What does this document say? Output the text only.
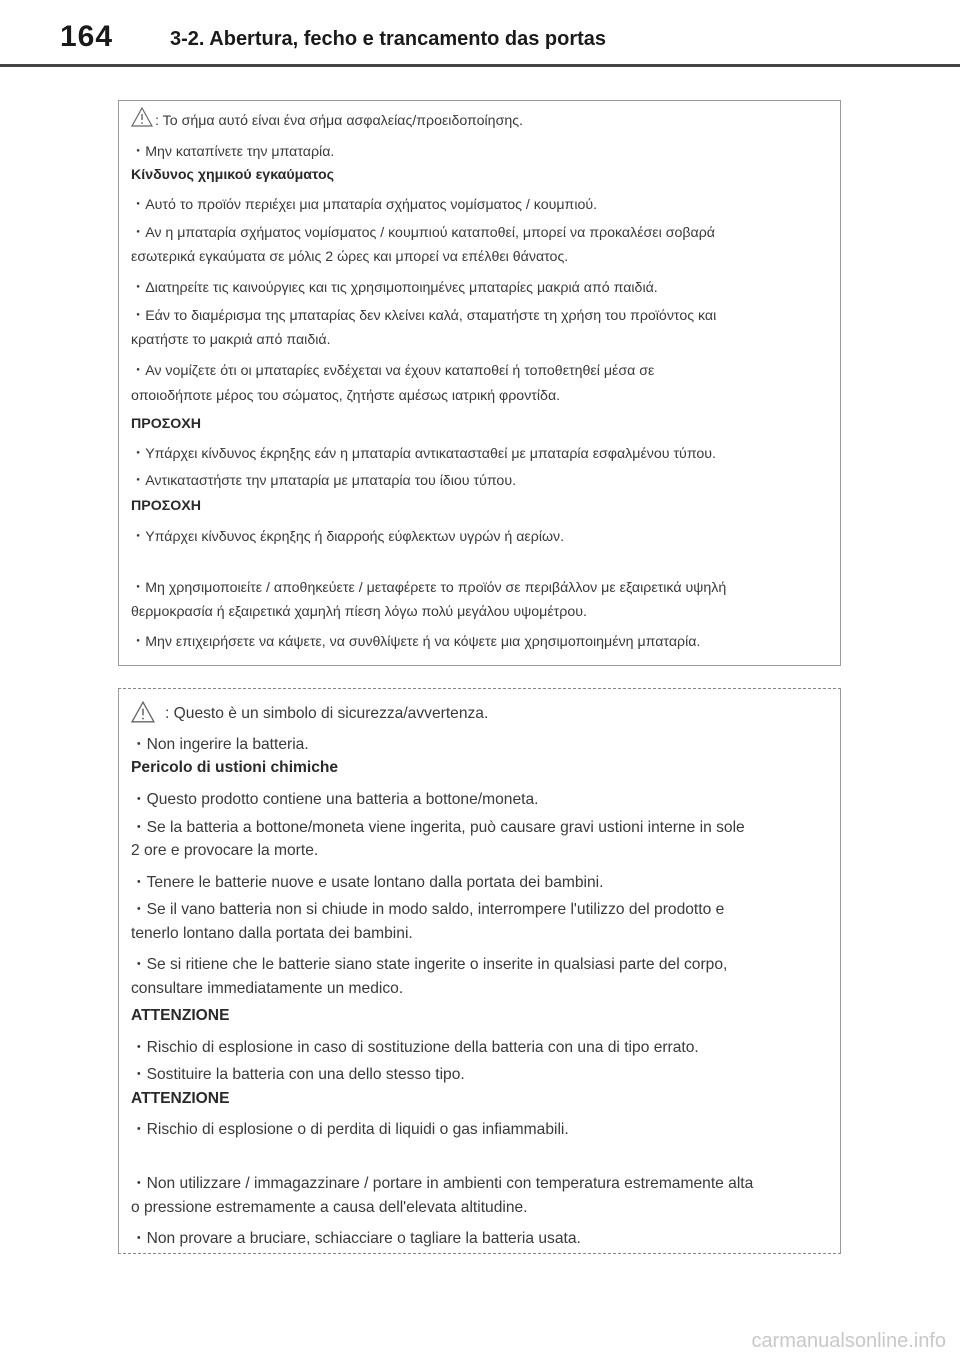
164	3-2. Abertura, fecho e trancamento das portas
: Το σήμα αυτό είναι ένα σήμα ασφαλείας/προειδοποίησης.
・Μην καταπίνετε την μπαταρία.
Κίνδυνος χημικού εγκαύματος
・Αυτό το προϊόν περιέχει μια μπαταρία σχήματος νομίσματος / κουμπιού.
・Αν η μπαταρία σχήματος νομίσματος / κουμπιού καταποθεί, μπορεί να προκαλέσει σοβαρά
εσωτερικά εγκαύματα σε μόλις 2 ώρες και μπορεί να επέλθει θάνατος.
・Διατηρείτε τις καινούργιες και τις χρησιμοποιημένες μπαταρίες μακριά από παιδιά.
・Εάν το διαμέρισμα της μπαταρίας δεν κλείνει καλά, σταματήστε τη χρήση του προϊόντος και
κρατήστε το μακριά από παιδιά.
・Αν νομίζετε ότι οι μπαταρίες ενδέχεται να έχουν καταποθεί ή τοποθετηθεί μέσα σε
οποιοδήποτε μέρος του σώματος, ζητήστε αμέσως ιατρική φροντίδα.
ΠΡΟΣΟΧΗ
・Υπάρχει κίνδυνος έκρηξης εάν η μπαταρία αντικατασταθεί με μπαταρία εσφαλμένου τύπου.
・Αντικαταστήστε την μπαταρία με μπαταρία του ίδιου τύπου.
ΠΡΟΣΟΧΗ
・Υπάρχει κίνδυνος έκρηξης ή διαρροής εύφλεκτων υγρών ή αερίων.
・Μη χρησιμοποιείτε / αποθηκεύετε / μεταφέρετε το προϊόν σε περιβάλλον με εξαιρετικά υψηλή
θερμοκρασία ή εξαιρετικά χαμηλή πίεση λόγω πολύ μεγάλου υψομέτρου.
・Μην επιχειρήσετε να κάψετε, να συνθλίψετε ή να κόψετε μια χρησιμοποιημένη μπαταρία.
: Questo è un simbolo di sicurezza/avvertenza.
・Non ingerire la batteria.
Pericolo di ustioni chimiche
・Questo prodotto contiene una batteria a bottone/moneta.
・Se la batteria a bottone/moneta viene ingerita, può causare gravi ustioni interne in sole
2 ore e provocare la morte.
・Tenere le batterie nuove e usate lontano dalla portata dei bambini.
・Se il vano batteria non si chiude in modo saldo, interrompere l'utilizzo del prodotto e
tenerlo lontano dalla portata dei bambini.
・Se si ritiene che le batterie siano state ingerite o inserite in qualsiasi parte del corpo,
consultare immediatamente un medico.
ATTENZIONE
・Rischio di esplosione in caso di sostituzione della batteria con una di tipo errato.
・Sostituire la batteria con una dello stesso tipo.
ATTENZIONE
・Rischio di esplosione o di perdita di liquidi o gas infiammabili.
・Non utilizzare / immagazzinare / portare in ambienti con temperatura estremamente alta
o pressione estremamente a causa dell'elevata altitudine.
・Non provare a bruciare, schiacciare o tagliare la batteria usata.
carmanualsonline.info
